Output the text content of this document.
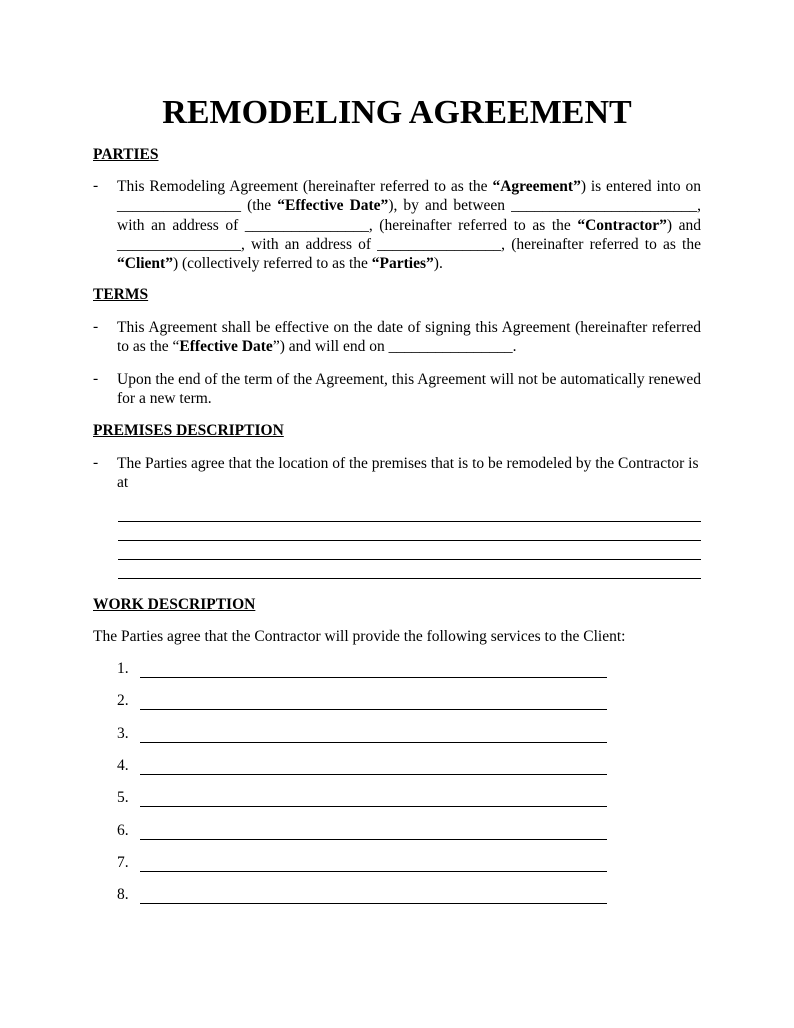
REMODELING AGREEMENT
PARTIES
- This Remodeling Agreement (hereinafter referred to as the “Agreement”) is entered into on ________________ (the “Effective Date”), by and between ________________________, with an address of ________________, (hereinafter referred to as the “Contractor”) and ________________, with an address of ________________, (hereinafter referred to as the “Client”) (collectively referred to as the “Parties”).
TERMS
- This Agreement shall be effective on the date of signing this Agreement (hereinafter referred to as the “Effective Date”) and will end on ________________.
- Upon the end of the term of the Agreement, this Agreement will not be automatically renewed for a new term.
PREMISES DESCRIPTION
- The Parties agree that the location of the premises that is to be remodeled by the Contractor is at
WORK DESCRIPTION
The Parties agree that the Contractor will provide the following services to the Client:
1.
2.
3.
4.
5.
6.
7.
8.
